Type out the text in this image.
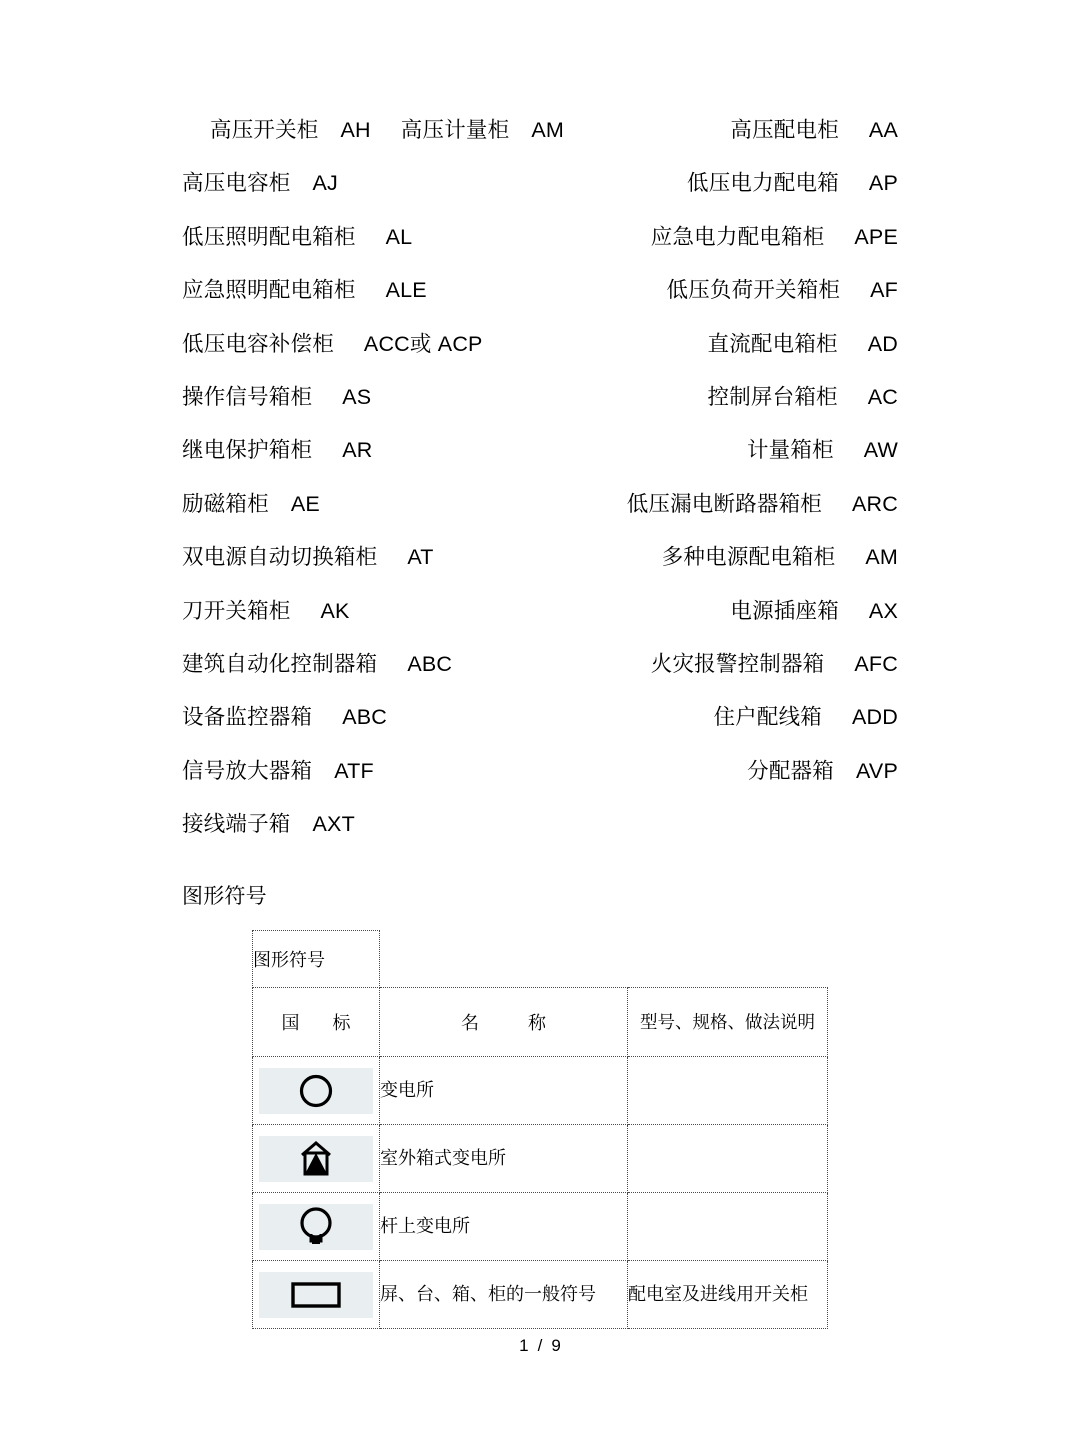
高压开关柜 AH 高压计量柜 AM	高压配电柜 AA
高压电容柜 AJ	低压电力配电箱 AP
低压照明配电箱柜 AL	应急电力配电箱柜 APE
应急照明配电箱柜 ALE	低压负荷开关箱柜 AF
低压电容补偿柜 ACC或 ACP	直流配电箱柜 AD
操作信号箱柜 AS	控制屏台箱柜 AC
继电保护箱柜 AR	计量箱柜 AW
励磁箱柜 AE	低压漏电断路器箱柜 ARC
双电源自动切换箱柜 AT	多种电源配电箱柜 AM
刀开关箱柜 AK	电源插座箱 AX
建筑自动化控制器箱 ABC	火灾报警控制器箱 AFC
设备监控器箱 ABC	住户配线箱 ADD
信号放大器箱 ATF	分配器箱 AVP
接线端子箱 AXT
图形符号
图形符号		
国 标	名 称	型号、规格、做法说明

	变电所	

	室外箱式变电所	

	杆上变电所	

	屏、台、箱、柜的一般符号	配电室及进线用开关柜
1 / 9
